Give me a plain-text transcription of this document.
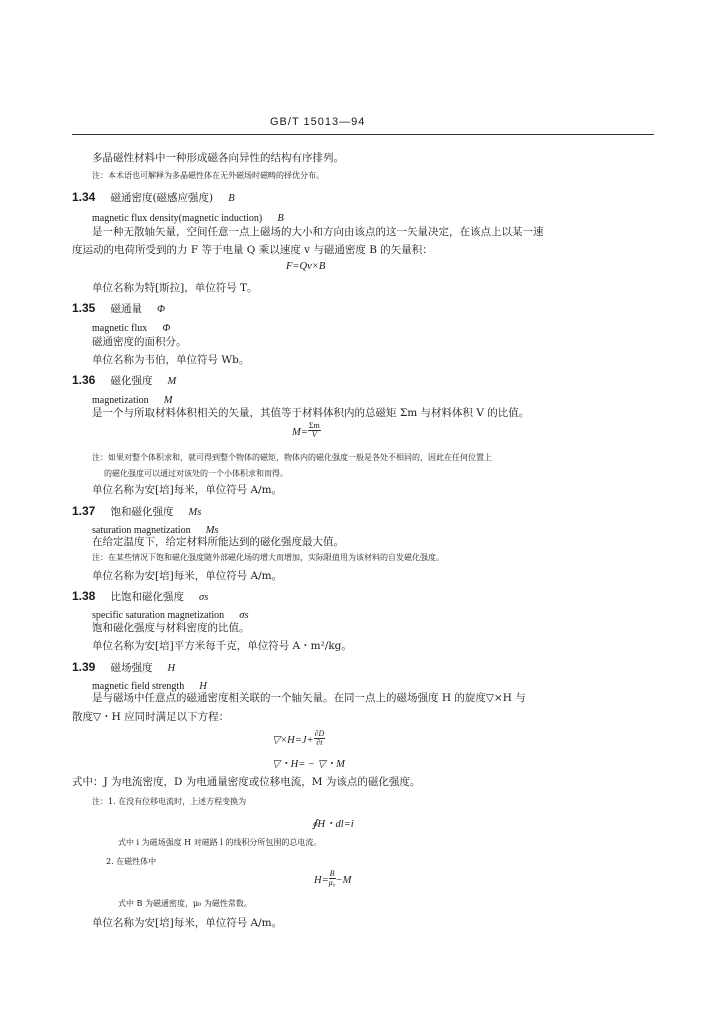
GB/T 15013—94
多晶磁性材料中一种形成磁各向异性的结构有序排列。
注：本术语也可解释为多晶磁性体在无外磁场时磁畴的择优分布。
1.34 磁通密度(磁感应强度) B
magnetic flux density(magnetic induction) B
是一种无散轴矢量，空间任意一点上磁场的大小和方向由该点的这一矢量决定，在该点上以某一速
度运动的电荷所受到的力 F 等于电量 Q 乘以速度 v 与磁通密度 B 的矢量积：
F=Qv×B
单位名称为特[斯拉]，单位符号 T。
1.35 磁通量 Φ
magnetic flux Φ
磁通密度的面积分。
单位名称为韦伯，单位符号 Wb。
1.36 磁化强度 M
magnetization M
是一个与所取材料体积相关的矢量，其值等于材料体积内的总磁矩 Σm 与材料体积 V 的比值。
$M= \frac{\Sigma m}{V}$
注：如果对整个体积求和，就可得到整个物体的磁矩，物体内的磁化强度一般是各处不相同的，因此在任何位置上
的磁化强度可以通过对该处的一个小体积求和而得。
单位名称为安[培]每米，单位符号 A/m。
1.37 饱和磁化强度 Ms
saturation magnetization Ms
在给定温度下，给定材料所能达到的磁化强度最大值。
注：在某些情况下饱和磁化强度随外部磁化场的增大而增加，实际限值用为该材料的自发磁化强度。
单位名称为安[培]每米，单位符号 A/m。
1.38 比饱和磁化强度 σs
specific saturation magnetization σs
饱和磁化强度与材料密度的比值。
单位名称为安[培]平方米每千克，单位符号 A・m²/kg。
1.39 磁场强度 H
magnetic field strength H
是与磁场中任意点的磁通密度相关联的一个轴矢量。在同一点上的磁场强度 H 的旋度▽×H 与
散度▽・H 应同时满足以下方程：
▽×H=J+ $\frac{\partial D}{\partial t}$
▽・H= − ▽・M
式中：J 为电流密度，D 为电通量密度或位移电流，M 为该点的磁化强度。
注：1. 在没有位移电流时，上述方程变换为
∮H・dl=i
式中 i 为磁场强度 H 对磁路 l 的线积分所包围的总电流。
2. 在磁性体中
$H= \frac{B}{\text{μ₀}} -M$
式中 B 为磁通密度，μ₀ 为磁性常数。
单位名称为安[培]每米，单位符号 A/m。
